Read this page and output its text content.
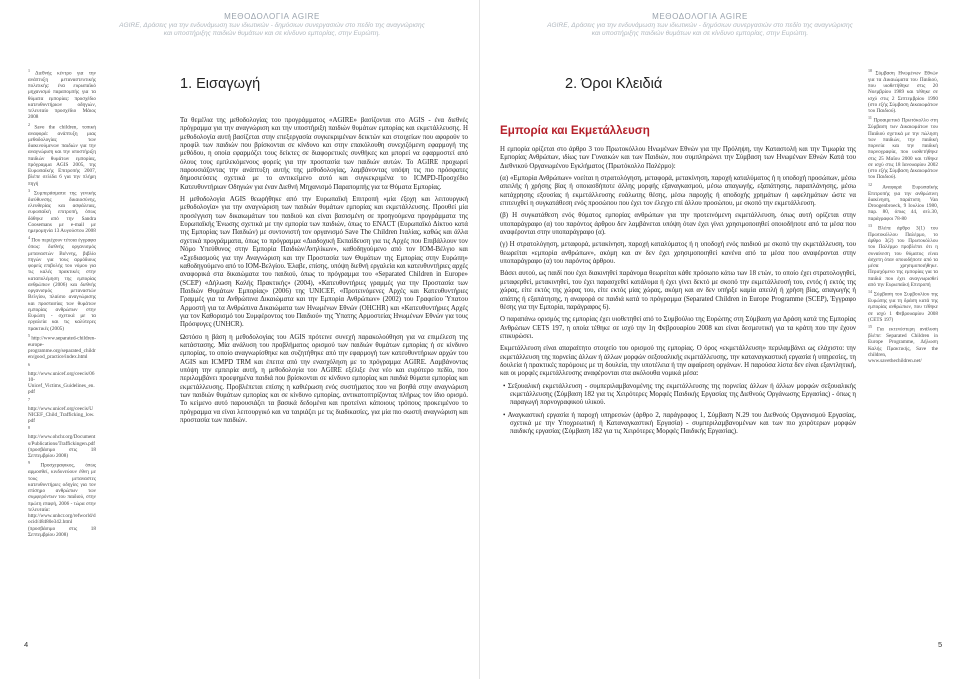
ΜΕΘΟΔΟΛΟΓΙΑ AGIRE
AGIRE, Δράσεις για την ενδυνάμωση των ιδιωτικών - δημόσιων συνεργασιών στο πεδίο της αναγνώρισης
και υποστήριξης παιδιών θυμάτων και σε κίνδυνο εμπορίας, στην Ευρώπη.

$^1$ Διεθνής κέντρο για την ανάπτυξη μεταναστευτικής πολιτικής: ένα ευρωπαϊκό μηχανισμό παραπομπής για τα θύματα εμπορίας: προσχέδιο κατευθυντήριων οδηγιών, τελευταίο προσχέδιο Μάιος 2008

$^2$ Save the children, τοπική αναφορά: ανάπτυξη μιας μεθοδολογίας των διακινούμενων παιδιών για την αναγνώριση και την υποστήριξη παιδιών θυμάτων εμπορίας, πρόγραμμα AGIS 2005, της Ευρωπαϊκής Επιτροπής 2007, βλέπε σελίδα 6 για την πλήρη πηγή

$^3$ Συμπεράσματα της γενικής διεύθυνσης δικαιοσύνης, ελευθερίας και ασφάλειας, ευρωπαϊκή επιτροπή, όπως δόθηκε από την Sandra Coosemans με e-mail με ημερομηνία 13 Αυγούστου 2008

$^4$ Που περιέχουν τέτοια έγγραφα όπως: διεθνής οργανισμός μεταναστών Βιέννης, βιβλίο πηγών για τους αρμόδιους φορείς επιβολής του νόμου για τις καλές πρακτικές στην καταπολέμηση της εμπορίας ανθρώπων (2006) και διεθνής οργανισμός μεταναστών Βελγίου, πλαίσιο αναγνώρισης και προστασίας των θυμάτων εμπορίας ανθρώπων στην Ευρώπη - σχετικά με τα εργαλεία και τις καλύτερες πρακτικές (2005)

$^5$ http://www.separated-children-europe-programme.org/separated_children/good_practice/index.html

$^6$ http://www.unicef.org/ceecis/0610-Unicef_Victims_Guidelines_en.pdf

$^7$ http://www.unicef.org/ceecis/UNICEF_Child_Trafficking_low.pdf

$^8$ http://www.ohchr.org/Documents/Publications/Traffickingen.pdf (προσβάσιμο στις 18 Σεπτεμβρίου 2008)

$^9$ Προσχεραφικος, όπως αρμοσθεί, κινδυνεύουν έθνη με τους μεταναστες κατευθυντήριες οδηγίες για τον επίσημο ανθρώπων των συμφερόντων του παιδιού, στην πρώτη επαφή, 2006 - τώρα στην τελευταία: http://www.unhcr.org/refworld/docid/48480e342.html (προσβάσιμο στις 18 Σεπτεμβρίου 2008)

1. Εισαγωγή

Τα θεμέλια της μεθοδολογίας του προγράμματος «AGIRE» βασίζονται στο AGIS - ένα διεθνές πρόγραμμα για την αναγνώριση και την υποστήριξη παιδιών θυμάτων εμπορίας και εκμετάλλευσης. Η μεθοδολογία αυτή βασίζεται στην επεξεργασία συγκεκριμένων δεικτών και στοιχείων που αφορούν το προφίλ των παιδιών που βρίσκονται σε κίνδυνο και στην επακόλουθη συνεχιζόμενη εφαρμογή της μεθόδου, η οποία εφαρμόζει τους δείκτες σε διαφορετικές συνθήκες και μπορεί να εφαρμοστεί από όλους τους εμπλεκόμενους φορείς για την προστασία των παιδιών αυτών. Το AGIRE προχωρεί παρουσιάζοντας την ανάπτυξη αυτής της μεθοδολογίας, λαμβάνοντας υπόψη τις πιο πρόσφατες δημοσιεύσεις σχετικά με το αντικείμενο αυτό και συγκεκριμένα το ICMPD-Προσχέδιο Κατευθυντήριων Οδηγιών για έναν Διεθνή Μηχανισμό Παραπομπής για τα Θύματα Εμπορίας.

Η μεθοδολογία AGIS θεωρήθηκε από την Ευρωπαϊκή Επιτροπή «μία έξοχη και λειτουργική μεθοδολογία» για την αναγνώριση των παιδιών θυμάτων εμπορίας και εκμετάλλευσης. Προυθεί μία προσέγγιση των δικαιωμάτων του παιδιού και είναι βασισμένη σε προηγούμενα προγράμματα της Ευρωπαϊκής Ένωσης σχετικά με την εμπορία των παιδιών, όπως το ENACT (Ευρωπαϊκό Δίκτυο κατά της Εμπορίας των Παιδιών) με συντονιστή τον οργανισμό Save The Children Ιταλίας, καθώς και άλλα σχετικά προγράμματα, όπως το πρόγραμμα «Διαδοχική Εκπαίδευση για τις Αρχές που Επιβάλλουν τον Νόμο Υπεύθυνος στην Εμπορία Παιδιών/Ανηλίκων», καθοδηγούμενο από τον ΙΟΜ-Βέλγιο και «Σχεδιασμούς για την Αναγνώριση και την Προστασία των Θυμάτων της Εμπορίας στην Ευρώπη» καθοδηγούμενο από το ΙΟΜ-Βελγίου. Έλαβε, επίσης, υπόψη διεθνή εργαλεία και κατευθυντήριες αρχές αναφορικά στα δικαιώματα του παιδιού, όπως το πρόγραμμα του «Separated Children in Europe» (SCEP) «Δήλωση Καλής Πρακτικής» (2004), «Κατευθυντήριες γραμμές για την Προστασία των Παιδιών Θυμάτων Εμπορίας» (2006) της UNICEF, «Προτεινόμενες Αρχές και Κατευθυντήριες Γραμμές για τα Ανθρώπινα Δικαιώματα και την Εμπορία Ανθρώπων» (2002) του Γραφείου Ύπατου Αρμοστή για τα Ανθρώπινα Δικαιώματα των Ηνωμένων Εθνών (OHCHR) και «Κατευθυντήριες Αρχές για τον Καθορισμό του Συμφέροντος του Παιδιού» της Ύπατης Αρμοστείας Ηνωμένων Εθνών για τους Πρόσφυγες (UNHCR).

Ωστόσο η βάση η μεθοδολογίας του AGIS πρότεινε συνεχή παρακολούθηση για να επιμέλεση της κατάστασης. Μία ανάλυση του προβλήματος ορισμού των παιδιών θυμάτων εμπορίας ή σε κίνδυνο εμπορίας, το οποίο αναγνωρίσθηκε και συζητήθηκε από την εφαρμογή των κατευθυντήριων αρχών του AGIS και ICMPD TRM και έπειτα από την ενασχόληση με το πρόγραμμα AGIRE. Λαμβάνοντας υπόψη την εμπειρία αυτή, η μεθοδολογία του AGIRE εξέλιξε ένα νέο και ευρύτερο πεδίο, που περιλαμβάνει προεφημένα παιδιά που βρίσκονται σε κίνδυνο εμπορίας και παιδιά θύματα εμπορίας και εκμετάλλευσης. Προβλέπεται επίσης η καθιέρωση ενός συστήματος που να βοηθά στην αναγνώριση των παιδιών θυμάτων εμπορίας και σε κίνδυνο εμπορίας, αντικατοπτρίζοντας πλήρως τον ίδιο ορισμό. Το κείμενο αυτό παρουσιάζει τα βασικά δεδομένα και προτείνει κάποιους τρόπους προκειμένου το πρόγραμμα να είναι λειτουργικό και να ταιριάζει με τις διαδικασίες, για μία πιο σωστή αναγνώριση και προστασία των παιδιών.

4
ΜΕΘΟΔΟΛΟΓΙΑ AGIRE
AGIRE, Δράσεις για την ενδυνάμωση των ιδιωτικών - δημόσιων συνεργασιών στο πεδίο της αναγνώρισης
και υποστήριξης παιδιών θυμάτων και σε κίνδυνο εμπορίας, στην Ευρώπη.
2. Όροι Κλειδιά
Εμπορία και Εκμετάλλευση

Η εμπορία ορίζεται στο άρθρο 3 του Πρωτοκόλλου Ηνωμένων Εθνών για την Πρόληψη, την Καταστολή και την Τιμωρία της Εμπορίας Ανθρώπων, ιδίως των Γυναικών και των Παιδιών, που συμπληρώνει την Σύμβαση των Ηνωμένων Εθνών Κατά του Διεθνικού Οργανωμένου Εγκλήματος (Πρωτόκολλο Παλέρμο):

(α) «Εμπορία Ανθρώπων» νοείται η στρατολόγηση, μεταφορά, μετακίνηση, παροχή καταλύματος ή η υποδοχή προσώπων, μέσω απειλής ή χρήσης βίας ή οποιασδήποτε άλλης μορφής εξαναγκασμού, μέσω απαγωγής, εξαπάτησης, παραπλάνησης, μέσω κατάχρησης εξουσίας ή εκμετάλλευσης ευάλωτης θέσης, μέσω παροχής ή αποδοχής χρημάτων ή ωφελημάτων ώστε να επιτευχθεί η συγκατάθεση ενός προσώπου που έχει τον έλεγχο επί άλλου προσώπου, με σκοπό την εκμετάλλευση.

(β) Η συγκατάθεση ενός θύματος εμπορίας ανθρώπων για την προτεινόμενη εκμετάλλευση, όπως αυτή ορίζεται στην υποπαράγραφο (α) του παρόντος άρθρου δεν λαμβάνεται υπόψη όταν έχει γίνει χρησιμοποιηθεί οποιοδήποτε από τα μέσα που αναφέρονται στην υποπαράγραφο (α).

(γ) Η στρατολόγηση, μεταφορά, μετακίνηση, παροχή καταλύματος ή η υποδοχή ενός παιδιού με σκοπό την εκμετάλλευση, του θεωρείται «εμπορία ανθρώπων», ακόμη και αν δεν έχει χρησιμοποιηθεί κανένα από τα μέσα που αναφέρονται στην υποπαράγραφο (α) του παρόντος άρθρου.

Βάσει αυτού, ως παιδί που έχει διακινηθεί παράνομα θεωρείται κάθε πρόσωπο κάτω των 18 ετών, το οποίο έχει στρατολογηθεί, μεταφερθεί, μετακινηθεί, του έχει παρασχεθεί κατάλυμα ή έχει γίνει δεκτό με σκοπό την εκμετάλλευσή του, εντός ή εκτός της χώρας, είτε εκτός της χώρας του, είτε εκτός μίας χώρας, ακόμη και αν δεν υπήρξε καμία απειλή ή χρήση βίας, απαγωγής ή απάτης ή εξαπάτησης, η αναφορά σε παιδιά κατά το πρόγραμμα (Separated Children in Europe Programme (SCEP), Έγγραφο θέσης για την Εμπορία, παράγραφος 6).

Ο παραπάνω ορισμός της εμπορίας έχει υιοθετηθεί από το Συμβούλιο της Ευρώπης στη Σύμβαση για Δράση κατά της Εμπορίας Ανθρώπων CETS 197, η οποία τέθηκε σε ισχύ την 1η Φεβρουαρίου 2008 και είναι δεσμευτική για τα κράτη που την έχουν επικυρώσει.

Εκμετάλλευση είναι απαραίτητο στοιχείο του ορισμού της εμπορίας. Ο όρος «εκμετάλλευση» περιλαμβάνει ως ελάχιστο: την εκμετάλλευση της πορνείας άλλων ή άλλων μορφών σεξουαλικής εκμετάλλευσης, την καταναγκαστική εργασία ή υπηρεσίες, τη δουλεία ή πρακτικές παρόμοιες με τη δουλεία, την υποτέλεια ή την αφαίρεση οργάνων. Η παρούσα λίστα δεν είναι εξαντλητική, και οι μορφές εκμετάλλευσης αναφέρονται στα ακόλουθα νομικά μέσα:

• Σεξουαλική εκμετάλλευση - συμπεριλαμβανομένης της εκμετάλλευσης της πορνείας άλλων ή άλλων μορφών σεξουαλικής εκμετάλλευσης (Σύμβαση 182 για τις Χειρότερες Μορφές Παιδικής Εργασίας της Διεθνούς Οργάνωσης Εργασίας) - όπως η παραγωγή πορνογραφικού υλικού.

• Αναγκαστική εργασία ή παροχή υπηρεσιών (άρθρο 2, παράγραφος 1, Σύμβαση Ν.29 του Διεθνούς Οργανισμού Εργασίας, σχετικά με την Υποχρεωτική ή Καταναγκαστική Εργασία) - συμπεριλαμβανομένων και των πιο χειρότερων μορφών παιδικής εργασίας (Σύμβαση 182 για τις Χειρότερες Μορφές Παιδικής Εργασίας).

$^{10}$ Σύμβαση Ηνωμένων Εθνών για τα Δικαιώματα του Παιδιού, που υιοθετήθηκε στις 20 Νοεμβρίου 1989 και τέθηκε σε ισχύ στις 2 Σεπτεμβρίου 1990 (στο εξής Σύμβαση Δικαιωμάτων του Παιδιού).

$^{11}$ Προαιρετικό Πρωτόκολλο στη Σύμβαση των Δικαιωμάτων του Παιδιού σχετικά με την πώληση των παιδιών, την παιδική πορνεία και την παιδική πορνογραφία, που υιοθετήθηκε στις 25 Μαΐου 2000 και τέθηκε σε ισχύ στις 18 Ιανουαρίου 2002 (στο εξής Σύμβαση Δικαιωμάτων του Παιδιού).

$^{12}$ Αναφορά Ευρωπαϊκής Επιτροπής για την ανθρώπινη διακίνηση, παράτυπη Van Droogenbroeck, 9 Ιουλίου 1980, παρ. 80, όπως 44, σελ.30, παράγραφοι 78-80

$^{13}$ Βλέπε άρθρο 3(1) του Πρωτοκόλλου Παλέρμο, το άρθρο 3(2) του Πρωτοκόλλου του Παλέρμο προβλέπει ότι η συναίνεση του θύματος είναι άσχετη όταν οποιοδήποτε από τα μέσα χρησιμοποιήθηκε. Περιεχόμενο της εμπορίας για τα παιδιά που έχει αναγνωρισθεί από την Ευρωπαϊκή Επιτροπή

$^{14}$ Σύμβαση του Συμβουλίου της Ευρώπης για τη δράση κατά της εμπορίας ανθρώπων, που τέθηκε σε ισχύ 1 Φεβρουαρίου 2008 (CETS 197)

$^{15}$ Για εκτενέστερη ανάλυση βλέπε: Separated Children in Europe Programme, Δήλωση Καλής Πρακτικής, Save the children, www.savethechildren.net/

5
